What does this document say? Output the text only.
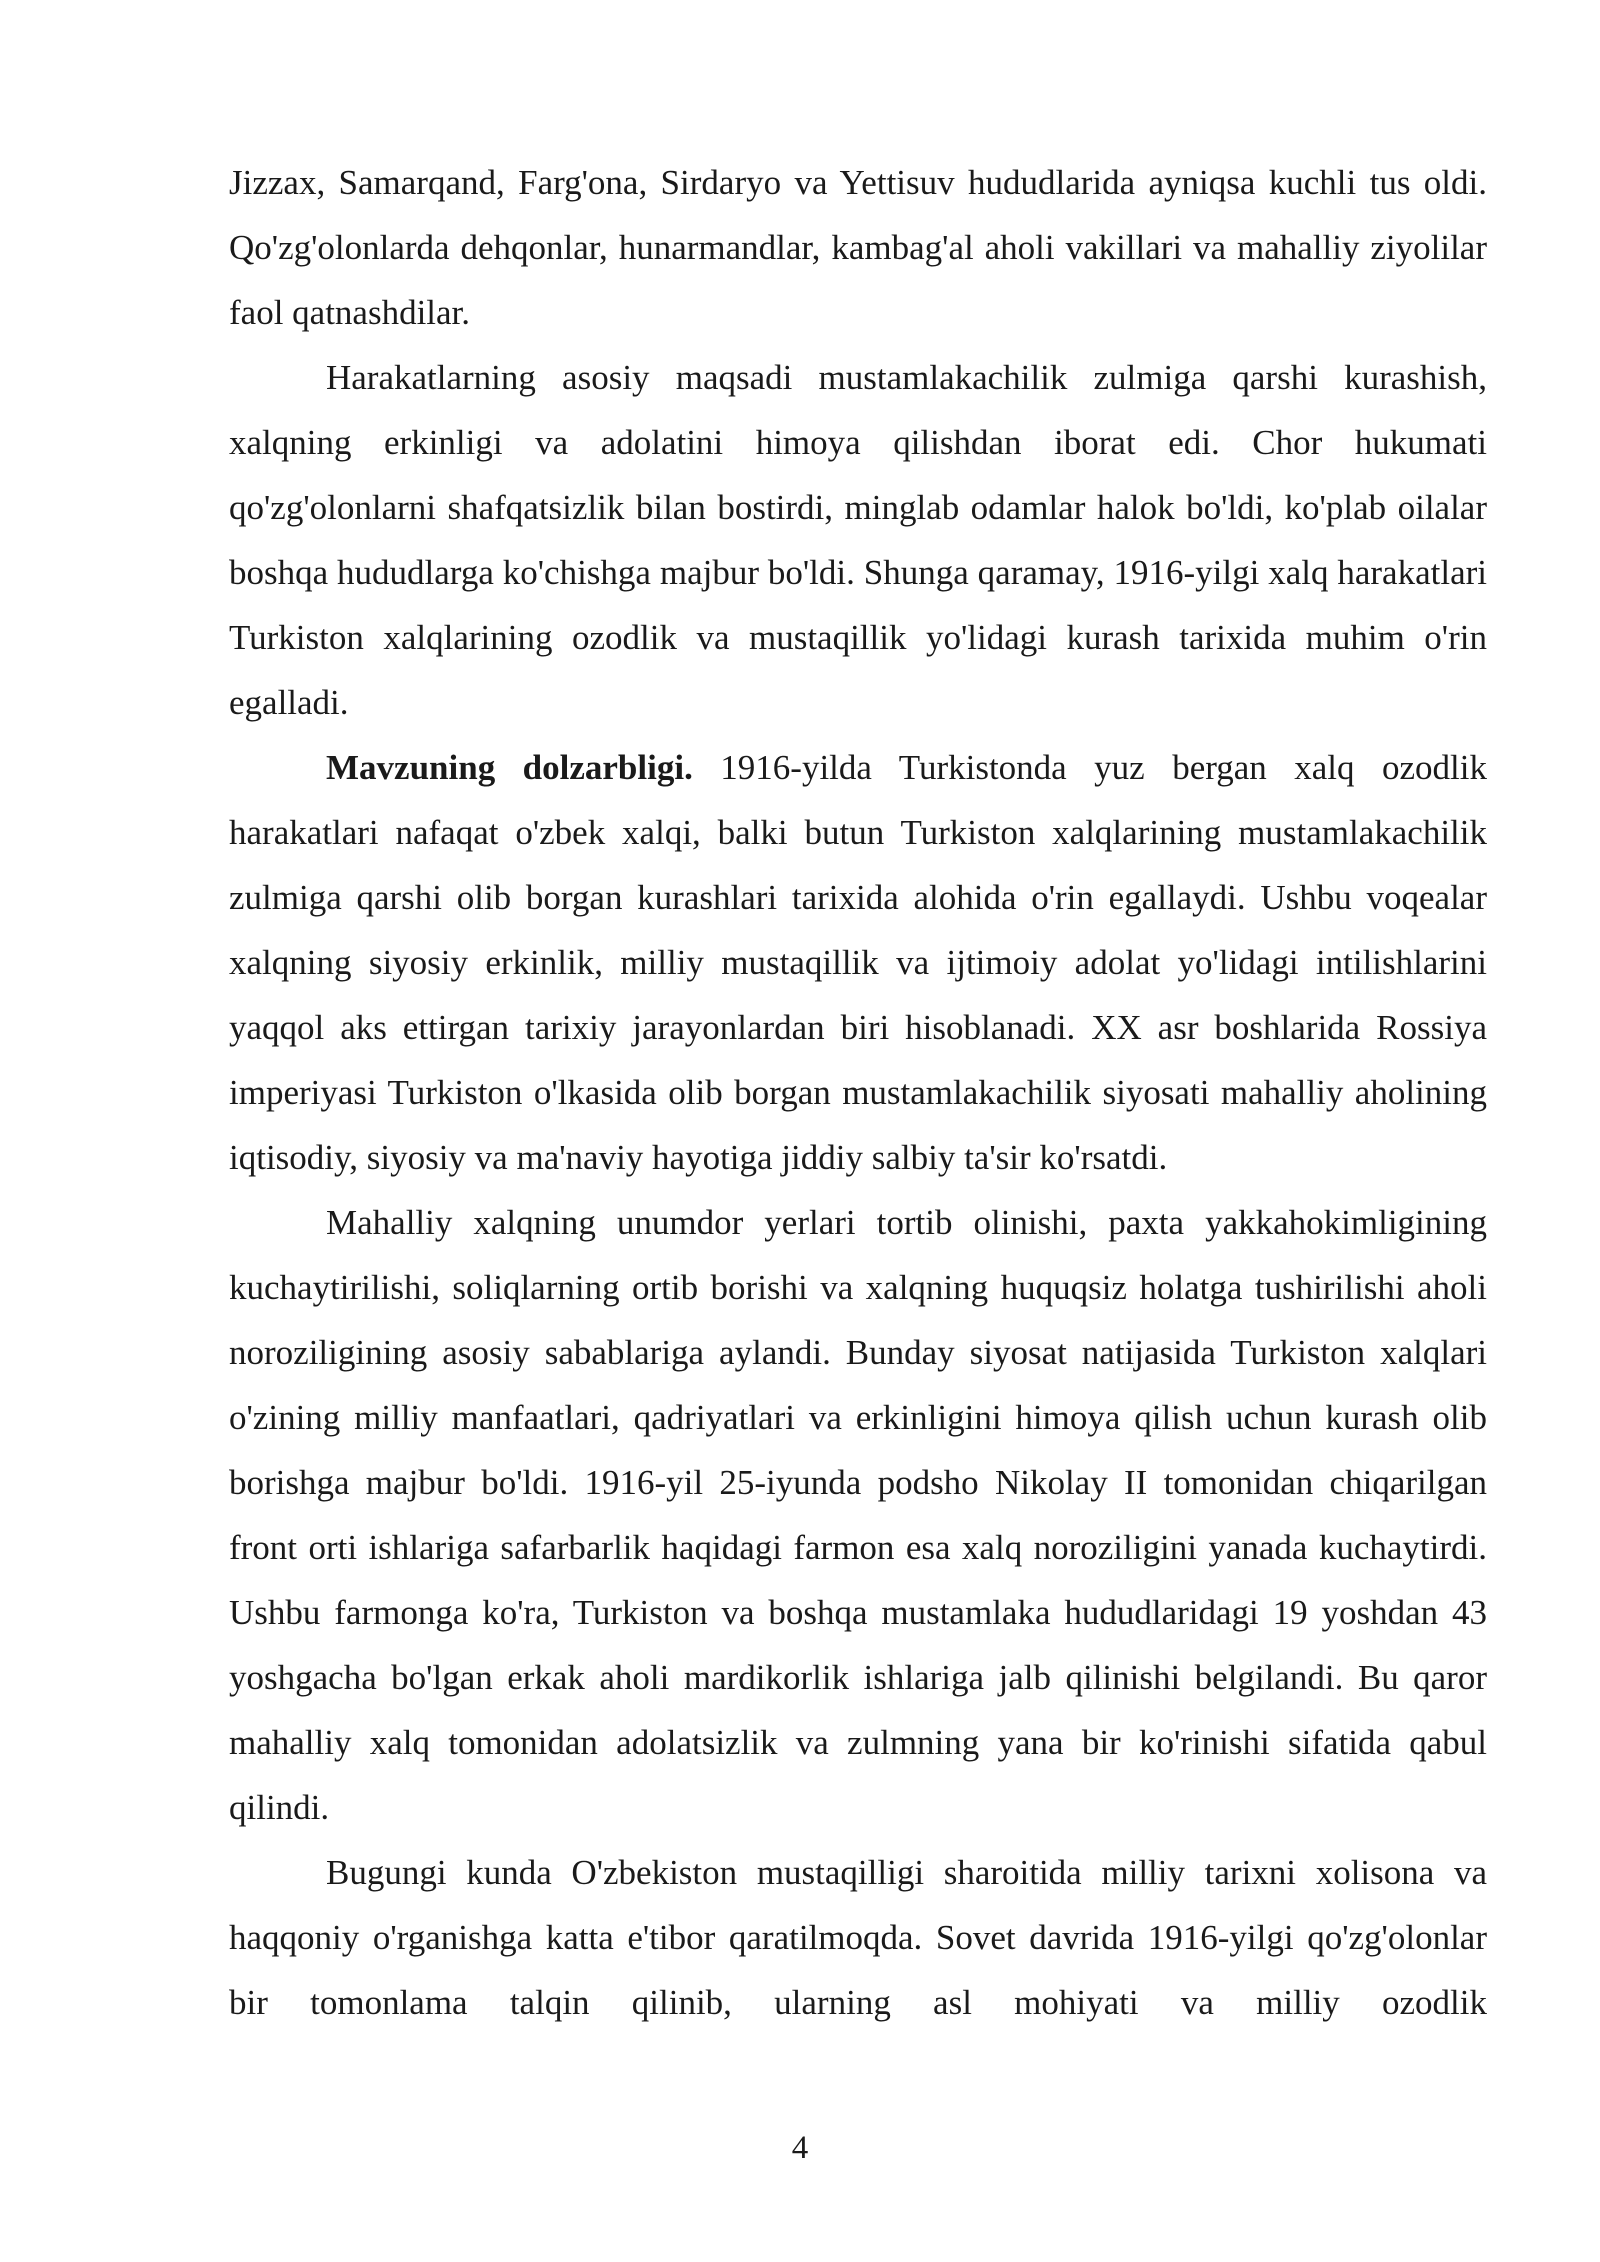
Jizzax, Samarqand, Farg'ona, Sirdaryo va Yettisuv hududlarida ayniqsa kuchli tus oldi. Qo'zg'olonlarda dehqonlar, hunarmandlar, kambag'al aholi vakillari va mahalliy ziyolilar faol qatnashdilar.

Harakatlarning asosiy maqsadi mustamlakachilik zulmiga qarshi kurashish, xalqning erkinligi va adolatini himoya qilishdan iborat edi. Chor hukumati qo'zg'olonlarni shafqatsizlik bilan bostirdi, minglab odamlar halok bo'ldi, ko'plab oilalar boshqa hududlarga ko'chishga majbur bo'ldi. Shunga qaramay, 1916-yilgi xalq harakatlari Turkiston xalqlarining ozodlik va mustaqillik yo'lidagi kurash tarixida muhim o'rin egalladi.

Mavzuning dolzarbligi. 1916-yilda Turkistonda yuz bergan xalq ozodlik harakatlari nafaqat o'zbek xalqi, balki butun Turkiston xalqlarining mustamlakachilik zulmiga qarshi olib borgan kurashlari tarixida alohida o'rin egallaydi. Ushbu voqealar xalqning siyosiy erkinlik, milliy mustaqillik va ijtimoiy adolat yo'lidagi intilishlarini yaqqol aks ettirgan tarixiy jarayonlardan biri hisoblanadi. XX asr boshlarida Rossiya imperiyasi Turkiston o'lkasida olib borgan mustamlakachilik siyosati mahalliy aholining iqtisodiy, siyosiy va ma'naviy hayotiga jiddiy salbiy ta'sir ko'rsatdi.

Mahalliy xalqning unumdor yerlari tortib olinishi, paxta yakkahokimligining kuchaytirilishi, soliqlarning ortib borishi va xalqning huquqsiz holatga tushirilishi aholi noroziligining asosiy sabablariga aylandi. Bunday siyosat natijasida Turkiston xalqlari o'zining milliy manfaatlari, qadriyatlari va erkinligini himoya qilish uchun kurash olib borishga majbur bo'ldi. 1916-yil 25-iyunda podsho Nikolay II tomonidan chiqarilgan front orti ishlariga safarbarlik haqidagi farmon esa xalq noroziligini yanada kuchaytirdi. Ushbu farmonga ko'ra, Turkiston va boshqa mustamlaka hududlaridagi 19 yoshdan 43 yoshgacha bo'lgan erkak aholi mardikorlik ishlariga jalb qilinishi belgilandi. Bu qaror mahalliy xalq tomonidan adolatsizlik va zulmning yana bir ko'rinishi sifatida qabul qilindi.

Bugungi kunda O'zbekiston mustaqilligi sharoitida milliy tarixni xolisona va haqqoniy o'rganishga katta e'tibor qaratilmoqda. Sovet davrida 1916-yilgi qo'zg'olonlar bir tomonlama talqin qilinib, ularning asl mohiyati va milliy ozodlik

4
